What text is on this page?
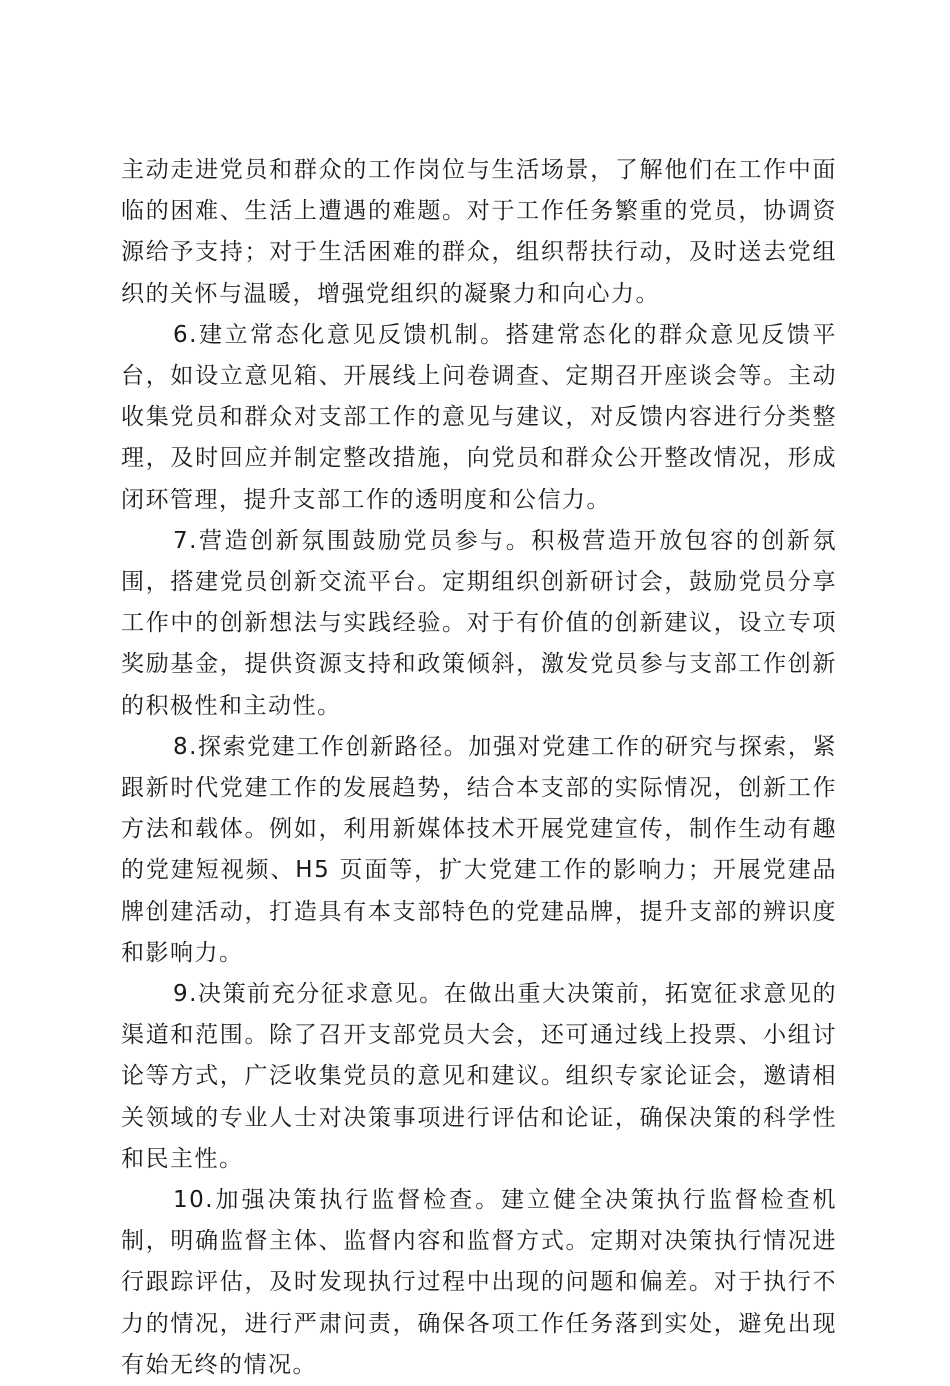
主动走进党员和群众的工作岗位与生活场景，了解他们在工作中面临的困难、生活上遭遇的难题。对于工作任务繁重的党员，协调资源给予支持；对于生活困难的群众，组织帮扶行动，及时送去党组织的关怀与温暖，增强党组织的凝聚力和向心力。

6.建立常态化意见反馈机制。搭建常态化的群众意见反馈平台，如设立意见箱、开展线上问卷调查、定期召开座谈会等。主动收集党员和群众对支部工作的意见与建议，对反馈内容进行分类整理，及时回应并制定整改措施，向党员和群众公开整改情况，形成闭环管理，提升支部工作的透明度和公信力。

7.营造创新氛围鼓励党员参与。积极营造开放包容的创新氛围，搭建党员创新交流平台。定期组织创新研讨会，鼓励党员分享工作中的创新想法与实践经验。对于有价值的创新建议，设立专项奖励基金，提供资源支持和政策倾斜，激发党员参与支部工作创新的积极性和主动性。

8.探索党建工作创新路径。加强对党建工作的研究与探索，紧跟新时代党建工作的发展趋势，结合本支部的实际情况，创新工作方法和载体。例如，利用新媒体技术开展党建宣传，制作生动有趣的党建短视频、H5 页面等，扩大党建工作的影响力；开展党建品牌创建活动，打造具有本支部特色的党建品牌，提升支部的辨识度和影响力。

9.决策前充分征求意见。在做出重大决策前，拓宽征求意见的渠道和范围。除了召开支部党员大会，还可通过线上投票、小组讨论等方式，广泛收集党员的意见和建议。组织专家论证会，邀请相关领域的专业人士对决策事项进行评估和论证，确保决策的科学性和民主性。

10.加强决策执行监督检查。建立健全决策执行监督检查机制，明确监督主体、监督内容和监督方式。定期对决策执行情况进行跟踪评估，及时发现执行过程中出现的问题和偏差。对于执行不力的情况，进行严肃问责，确保各项工作任务落到实处，避免出现有始无终的情况。
